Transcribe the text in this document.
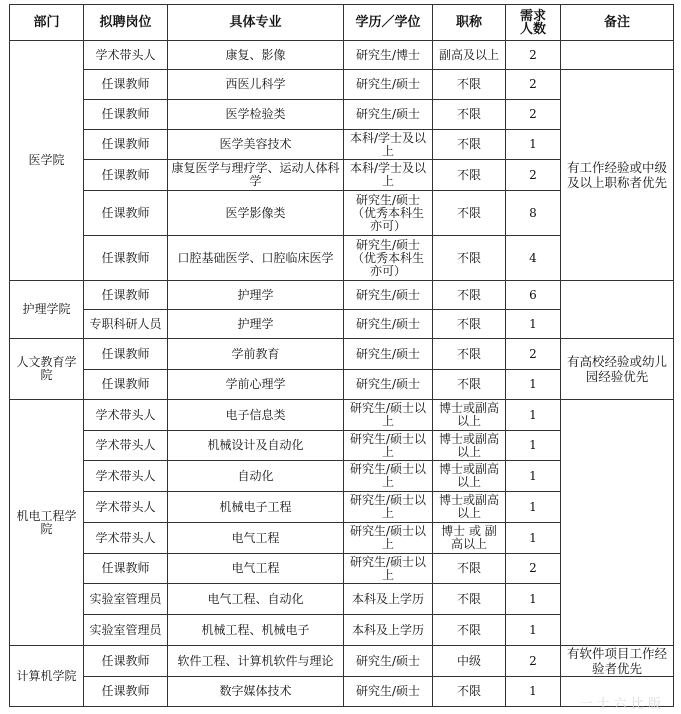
部门	拟聘岗位	具体专业	学历／学位	职称	需求人数	备注
医学院	学术带头人	康复、影像	研究生/博士	副高及以上	2	
	任课教师	西医儿科学	研究生/硕士	不限	2	有工作经验或中级及以上职称者优先
	任课教师	医学检验类	研究生/硕士	不限	2	
	任课教师	医学美容技术	本科/学士及以上	不限	1	
	任课教师	康复医学与理疗学、运动人体科学	本科/学士及以上	不限	2	
	任课教师	医学影像类	研究生/硕士（优秀本科生亦可）	不限	8	
	任课教师	口腔基础医学、口腔临床医学	研究生/硕士（优秀本科生亦可）	不限	4	
护理学院	任课教师	护理学	研究生/硕士	不限	6	
	专职科研人员	护理学	研究生/硕士	不限	1	
人文教育学院	任课教师	学前教育	研究生/硕士	不限	2	有高校经验或幼儿园经验优先
	任课教师	学前心理学	研究生/硕士	不限	1	
机电工程学院	学术带头人	电子信息类	研究生/硕士以上	博士或副高以上	1	
	学术带头人	机械设计及自动化	研究生/硕士以上	博士或副高以上	1	
	学术带头人	自动化	研究生/硕士以上	博士或副高以上	1	
	学术带头人	机械电子工程	研究生/硕士以上	博士或副高以上	1	
	学术带头人	电气工程	研究生/硕士以上	博士 或 副高以上	1	
	任课教师	电气工程	研究生/硕士以上	不限	2	
	实验室管理员	电气工程、自动化	本科及上学历	不限	1	
	实验室管理员	机械工程、机械电子	本科及上学历	不限	1	
计算机学院	任课教师	软件工程、计算机软件与理论	研究生/硕士	中级	2	有软件项目工作经验者优先
	任课教师	数字媒体技术	研究生/硕士	不限	1	
一 十 六 比 版
